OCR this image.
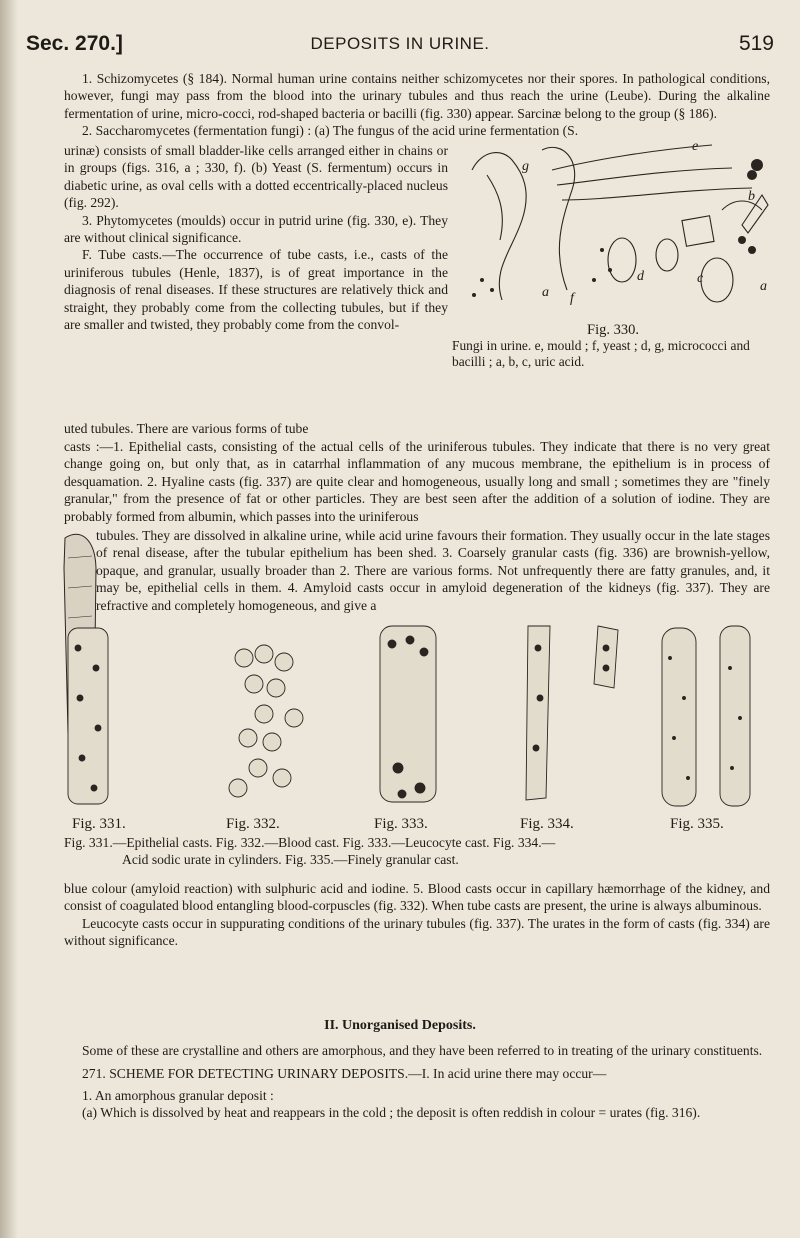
Sec. 270.]	DEPOSITS IN URINE.	519

1. Schizomycetes (§ 184). Normal human urine contains neither schizomycetes nor their spores. In pathological conditions, however, fungi may pass from the blood into the urinary tubules and thus reach the urine (Leube). During the alkaline fermentation of urine, micro-cocci, rod-shaped bacteria or bacilli (fig. 330) appear. Sarcinæ belong to the group (§ 186).

2. Saccharomycetes (fermentation fungi) : (a) The fungus of the acid urine fermentation (S.

urinæ) consists of small bladder-like cells arranged either in chains or in groups (figs. 316, a ; 330, f). (b) Yeast (S. fermentum) occurs in diabetic urine, as oval cells with a dotted eccentrically-placed nucleus (fig. 292).

3. Phytomycetes (moulds) occur in putrid urine (fig. 330, e). They are without clinical significance.

F. Tube casts.—The occurrence of tube casts, i.e., casts of the uriniferous tubules (Henle, 1837), is of great importance in the diagnosis of renal diseases. If these structures are relatively thick and straight, they probably come from the collecting tubules, but if they are smaller and twisted, they probably come from the convol-

uted tubules. There are various forms of tube

e
g
b
d	c
a
f
a
Fig. 330.
Fungi in urine. e, mould ; f, yeast ; d, g, micrococci and bacilli ; a, b, c, uric acid.

casts :—1. Epithelial casts, consisting of the actual cells of the uriniferous tubules. They indicate that there is no very great change going on, but only that, as in catarrhal inflammation of any mucous membrane, the epithelium is in process of desquamation. 2. Hyaline casts (fig. 337) are quite clear and homogeneous, usually long and small ; sometimes they are "finely granular," from the presence of fat or other particles. They are best seen after the addition of a solution of iodine. They are probably formed from albumin, which passes into the uriniferous

tubules. They are dissolved in alkaline urine, while acid urine favours their formation. They usually occur in the late stages of renal disease, after the tubular epithelium has been shed. 3. Coarsely granular casts (fig. 336) are brownish-yellow, opaque, and granular, usually broader than 2. There are various forms. Not unfrequently there are fatty granules, and, it may be, epithelial cells in them. 4. Amyloid casts occur in amyloid degeneration of the kidneys (fig. 337). They are refractive and completely homogeneous, and give a

Fig. 331.	Fig. 332.	Fig. 333.	Fig. 334.	Fig. 335.
Fig. 331.—Epithelial casts. Fig. 332.—Blood cast. Fig. 333.—Leucocyte cast. Fig. 334.—
Acid sodic urate in cylinders. Fig. 335.—Finely granular cast.

blue colour (amyloid reaction) with sulphuric acid and iodine. 5. Blood casts occur in capillary hæmorrhage of the kidney, and consist of coagulated blood entangling blood-corpuscles (fig. 332). When tube casts are present, the urine is always albuminous.

Leucocyte casts occur in suppurating conditions of the urinary tubules (fig. 337). The urates in the form of casts (fig. 334) are without significance.

II. Unorganised Deposits.

Some of these are crystalline and others are amorphous, and they have been referred to in treating of the urinary constituents.

271. SCHEME FOR DETECTING URINARY DEPOSITS.—I. In acid urine there may occur—

1. An amorphous granular deposit :

(a) Which is dissolved by heat and reappears in the cold ; the deposit is often reddish in colour = urates (fig. 316).
